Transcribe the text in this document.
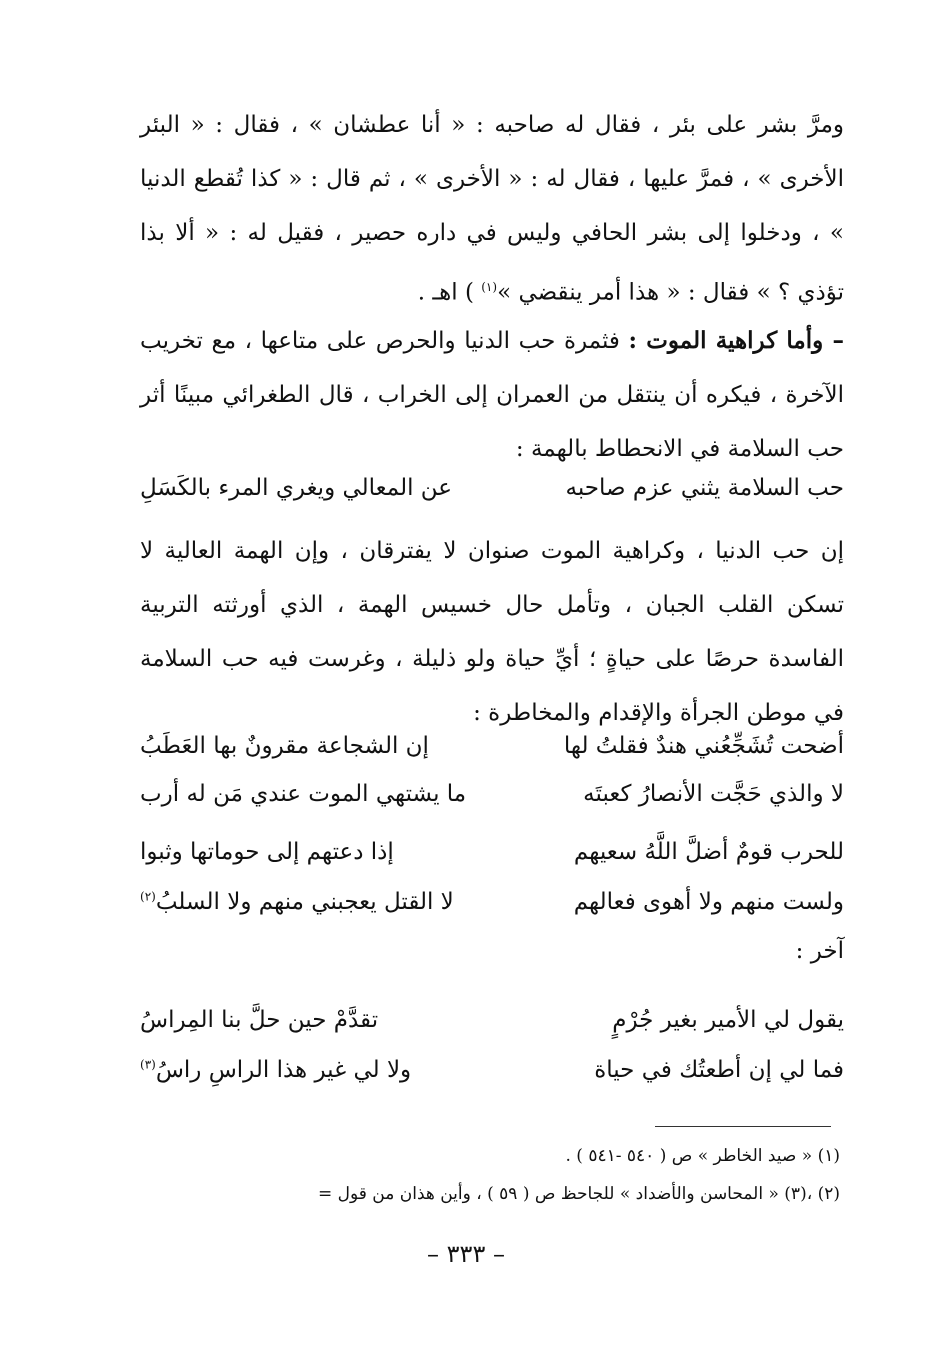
ومرَّ بشر على بئر ، فقال له صاحبه : « أنا عطشان » ، فقال : « البئر الأخرى » ، فمرَّ عليها ، فقال له : « الأخرى » ، ثم قال : « كذا تُقطع الدنيا » ، ودخلوا إلى بشر الحافي وليس في داره حصير ، فقيل له : « ألا بذا تؤذي ؟ » فقال : « هذا أمر ينقضي »$^{(١)}$ ) اهـ .

– وأما كراهية الموت : فثمرة حب الدنيا والحرص على متاعها ، مع تخريب الآخرة ، فيكره أن ينتقل من العمران إلى الخراب ، قال الطغرائي مبينًا أثر حب السلامة في الانحطاط بالهمة :

حب السلامة يثني عزم صاحبه
عن المعالي ويغري المرء بالكَسَلِ

إن حب الدنيا ، وكراهية الموت صنوان لا يفترقان ، وإن الهمة العالية لا تسكن القلب الجبان ، وتأمل حال خسيس الهمة ، الذي أورثته التربية الفاسدة حرصًا على حياةٍ ؛ أيِّ حياة ولو ذليلة ، وغرست فيه حب السلامة في موطن الجرأة والإقدام والمخاطرة :

أضحت تُشَجِّعُني هندٌ فقلتُ لها
إن الشجاعة مقرونٌ بها العَطَبُ
لا والذي حَجَّت الأنصارُ كعبتَه
ما يشتهي الموت عندي مَن له أرب
للحرب قومٌ أضلَّ اللَّهُ سعيهم
إذا دعتهم إلى حوماتها وثبوا
ولست منهم ولا أهوى فعالهم
لا القتل يعجبني منهم ولا السلبُ$^{(٢)}$
آخر :
يقول لي الأمير بغير جُرْمٍ
تقدَّمْ حين حلَّ بنا المِراسُ
فما لي إن أطعتُك في حياة
ولا لي غير هذا الراسِ راسُ$^{(٣)}$
(١) « صيد الخاطر » ص ( ٥٤٠ -٥٤١ ) .
(٢) ،(٣) « المحاسن والأضداد » للجاحظ ص ( ٥٩ ) ، وأين هذان من قول =
– ٣٣٣ –
